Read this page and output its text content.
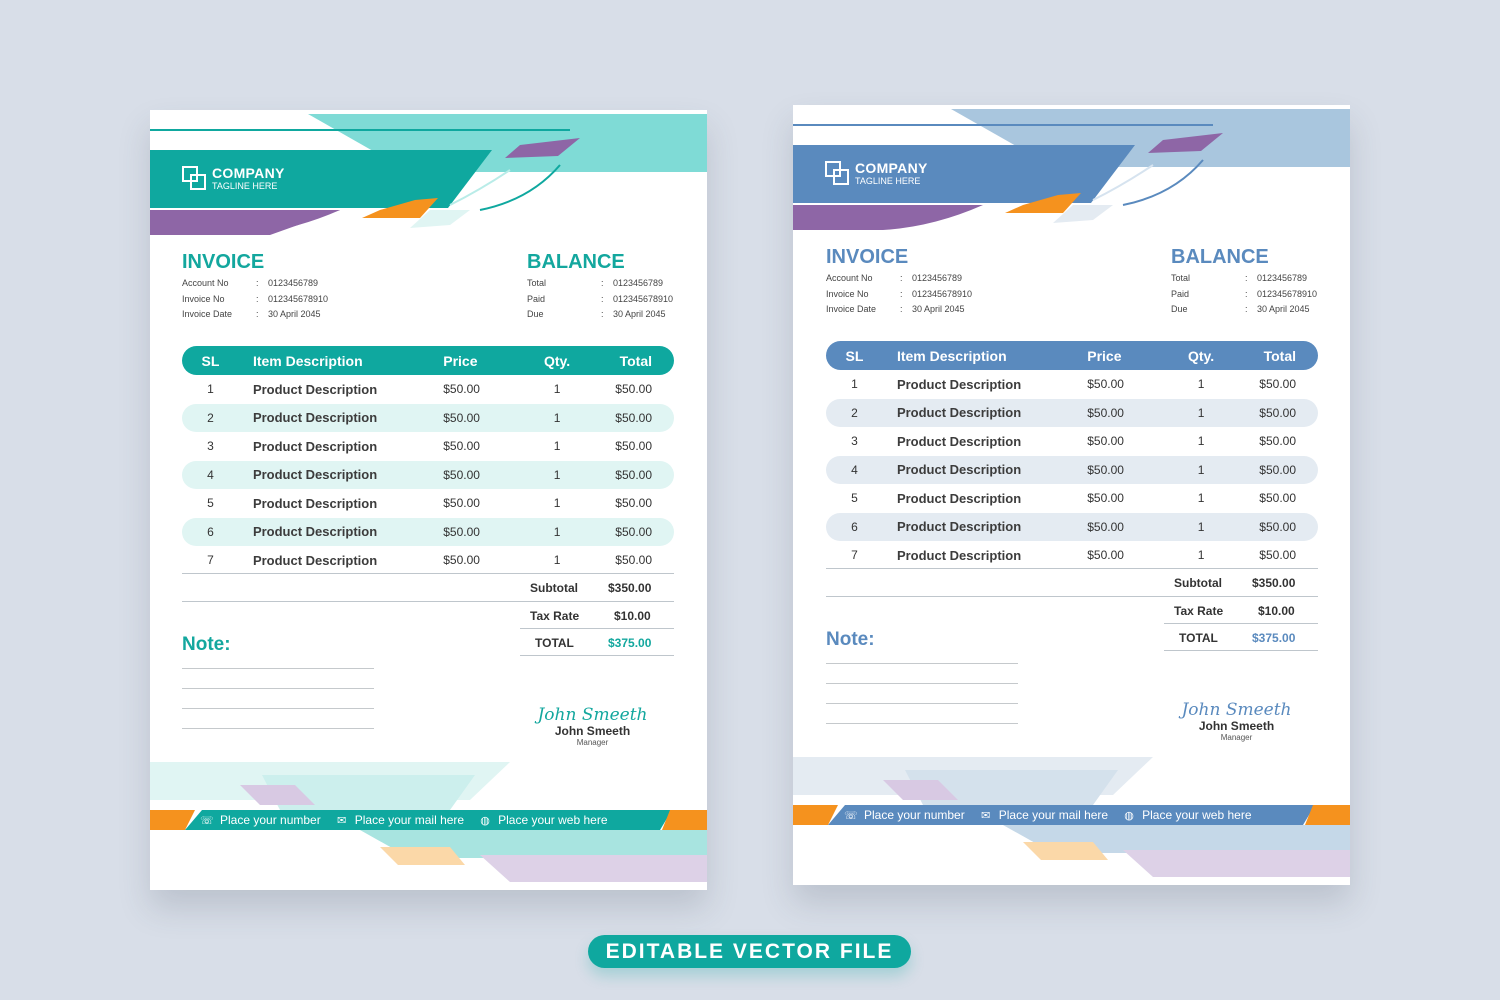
COMPANY
TAGLINE HERE
INVOICE
Account No	:	0123456789
Invoice No	:	012345678910
Invoice Date	:	30 April 2045
BALANCE
Total	:	0123456789
Paid	:	012345678910
Due	:	30 April 2045
SL	Item Description	Price	Qty.	Total
1	Product Description	$50.00	1	$50.00
2	Product Description	$50.00	1	$50.00
3	Product Description	$50.00	1	$50.00
4	Product Description	$50.00	1	$50.00
5	Product Description	$50.00	1	$50.00
6	Product Description	$50.00	1	$50.00
7	Product Description	$50.00	1	$50.00
Subtotal	$350.00
Tax Rate	$10.00
TOTAL	$375.00
Note:
John Smeeth
John Smeeth
Manager
☏ Place your number ✉ Place your mail here ◍ Place your web here
COMPANY
TAGLINE HERE
INVOICE
Account No	:	0123456789
Invoice No	:	012345678910
Invoice Date	:	30 April 2045
BALANCE
Total	:	0123456789
Paid	:	012345678910
Due	:	30 April 2045
SL	Item Description	Price	Qty.	Total
1	Product Description	$50.00	1	$50.00
2	Product Description	$50.00	1	$50.00
3	Product Description	$50.00	1	$50.00
4	Product Description	$50.00	1	$50.00
5	Product Description	$50.00	1	$50.00
6	Product Description	$50.00	1	$50.00
7	Product Description	$50.00	1	$50.00
Subtotal	$350.00
Tax Rate	$10.00
TOTAL	$375.00
Note:
John Smeeth
John Smeeth
Manager
☏ Place your number ✉ Place your mail here ◍ Place your web here
EDITABLE VECTOR FILE
